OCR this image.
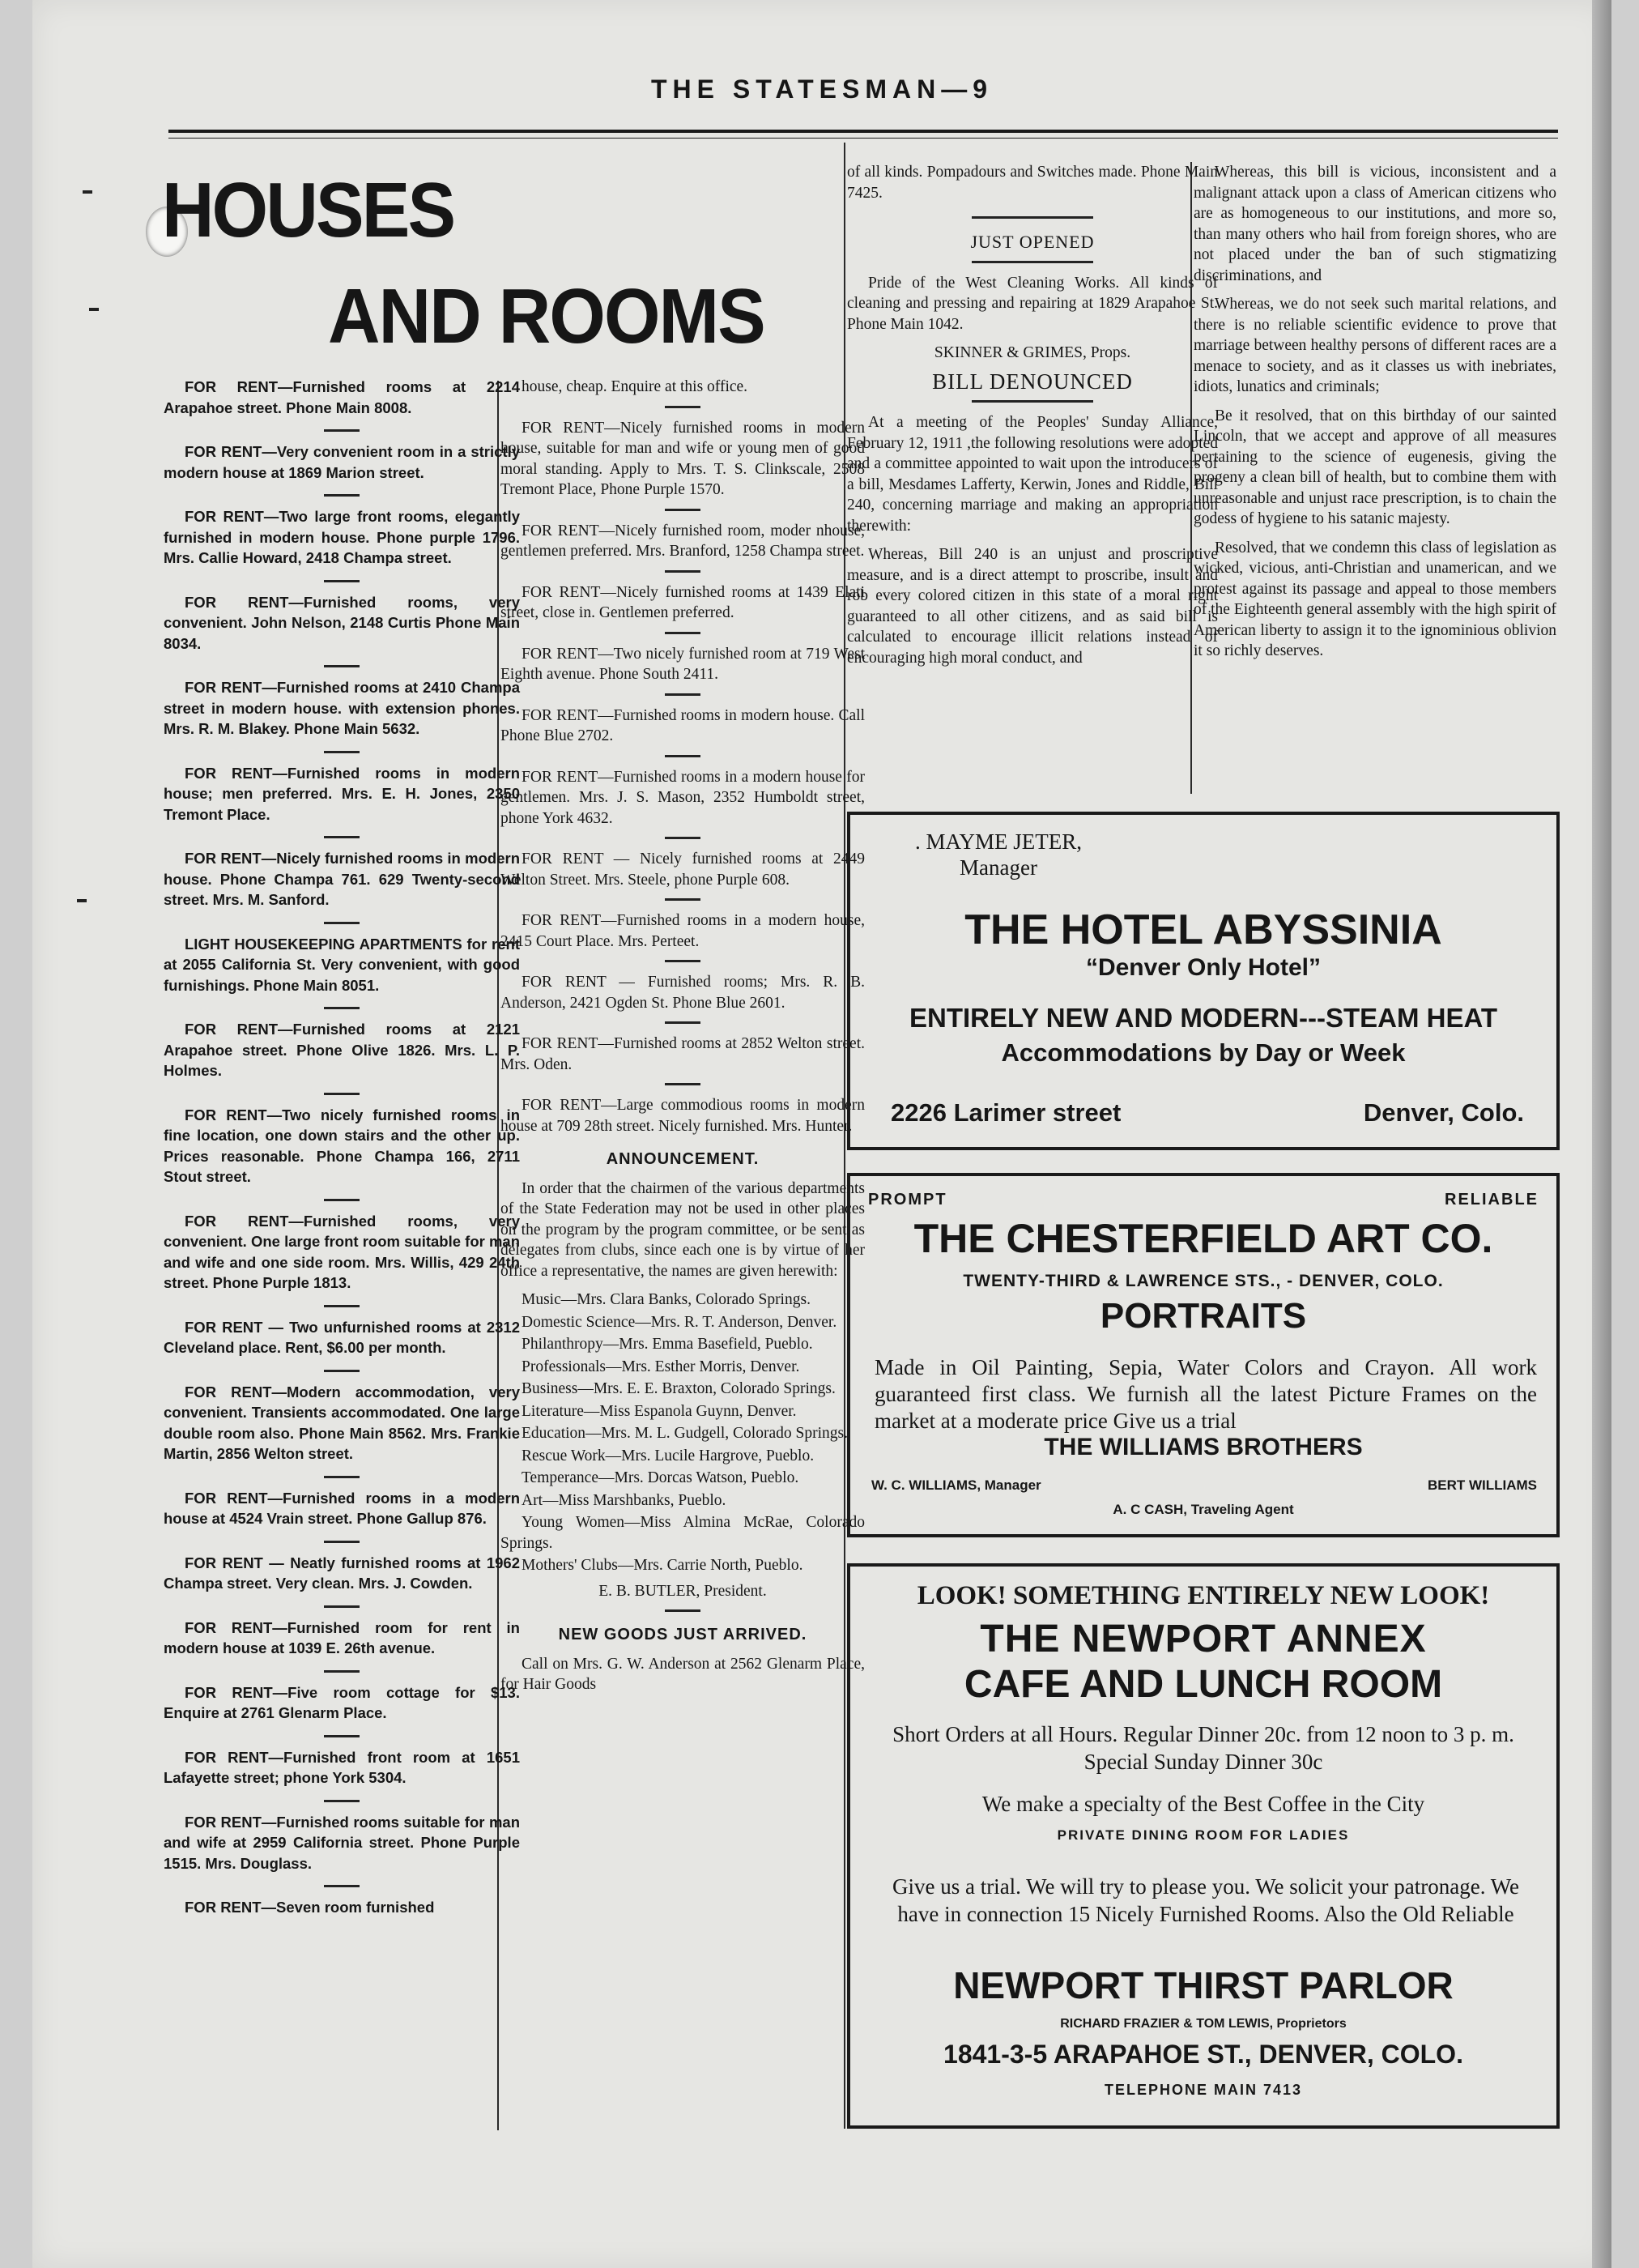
THE STATESMAN—9
HOUSES
AND ROOMS

FOR RENT—Furnished rooms at 2214 Arapahoe street. Phone Main 8008.

FOR RENT—Very convenient room in a strictly modern house at 1869 Marion street.

FOR RENT—Two large front rooms, elegantly furnished in modern house. Phone purple 1796. Mrs. Callie Howard, 2418 Champa street.

FOR RENT—Furnished rooms, very convenient. John Nelson, 2148 Curtis Phone Main 8034.

FOR RENT—Furnished rooms at 2410 Champa street in modern house. with extension phones. Mrs. R. M. Blakey. Phone Main 5632.

FOR RENT—Furnished rooms in modern house; men preferred. Mrs. E. H. Jones, 2350 Tremont Place.

FOR RENT—Nicely furnished rooms in modern house. Phone Champa 761. 629 Twenty-second street. Mrs. M. Sanford.

LIGHT HOUSEKEEPING APARTMENTS for rent at 2055 California St. Very convenient, with good furnishings. Phone Main 8051.

FOR RENT—Furnished rooms at 2121 Arapahoe street. Phone Olive 1826. Mrs. L. P. Holmes.

FOR RENT—Two nicely furnished rooms in fine location, one down stairs and the other up. Prices reasonable. Phone Champa 166, 2711 Stout street.

FOR RENT—Furnished rooms, very convenient. One large front room suitable for man and wife and one side room. Mrs. Willis, 429 24th street. Phone Purple 1813.

FOR RENT — Two unfurnished rooms at 2312 Cleveland place. Rent, $6.00 per month.

FOR RENT—Modern accommodation, very convenient. Transients accommodated. One large double room also. Phone Main 8562. Mrs. Frankie Martin, 2856 Welton street.

FOR RENT—Furnished rooms in a modern house at 4524 Vrain street. Phone Gallup 876.

FOR RENT — Neatly furnished rooms at 1962 Champa street. Very clean. Mrs. J. Cowden.

FOR RENT—Furnished room for rent in modern house at 1039 E. 26th avenue.

FOR RENT—Five room cottage for $13. Enquire at 2761 Glenarm Place.

FOR RENT—Furnished front room at 1651 Lafayette street; phone York 5304.

FOR RENT—Furnished rooms suitable for man and wife at 2959 California street. Phone Purple 1515. Mrs. Douglass.

FOR RENT—Seven room furnished

house, cheap. Enquire at this office.

FOR RENT—Nicely furnished rooms in modern house, suitable for man and wife or young men of good moral standing. Apply to Mrs. T. S. Clinkscale, 2508 Tremont Place, Phone Purple 1570.

FOR RENT—Nicely furnished room, moder nhouse, gentlemen preferred. Mrs. Branford, 1258 Champa street.

FOR RENT—Nicely furnished rooms at 1439 Elati street, close in. Gentlemen preferred.

FOR RENT—Two nicely furnished room at 719 West Eighth avenue. Phone South 2411.

FOR RENT—Furnished rooms in modern house. Call Phone Blue 2702.

FOR RENT—Furnished rooms in a modern house for gentlemen. Mrs. J. S. Mason, 2352 Humboldt street, phone York 4632.

FOR RENT — Nicely furnished rooms at 2449 Welton Street. Mrs. Steele, phone Purple 608.

FOR RENT—Furnished rooms in a modern house, 2415 Court Place. Mrs. Perteet.

FOR RENT — Furnished rooms; Mrs. R. B. Anderson, 2421 Ogden St. Phone Blue 2601.

FOR RENT—Furnished rooms at 2852 Welton street. Mrs. Oden.

FOR RENT—Large commodious rooms in modern house at 709 28th street. Nicely furnished. Mrs. Hunter.

ANNOUNCEMENT.

In order that the chairmen of the various departments of the State Federation may not be used in other places on the program by the program committee, or be sent as delegates from clubs, since each one is by virtue of her office a representative, the names are given herewith:

Music—Mrs. Clara Banks, Colorado Springs.

Domestic Science—Mrs. R. T. Anderson, Denver.

Philanthropy—Mrs. Emma Basefield, Pueblo.

Professionals—Mrs. Esther Morris, Denver.

Business—Mrs. E. E. Braxton, Colorado Springs.

Literature—Miss Espanola Guynn, Denver.

Education—Mrs. M. L. Gudgell, Colorado Springs.

Rescue Work—Mrs. Lucile Hargrove, Pueblo.

Temperance—Mrs. Dorcas Watson, Pueblo.

Art—Miss Marshbanks, Pueblo.

Young Women—Miss Almina McRae, Colorado Springs.

Mothers' Clubs—Mrs. Carrie North, Pueblo.

E. B. BUTLER, President.

NEW GOODS JUST ARRIVED.

Call on Mrs. G. W. Anderson at 2562 Glenarm Place, for Hair Goods

of all kinds. Pompadours and Switches made. Phone Main 7425.

JUST OPENED

Pride of the West Cleaning Works. All kinds of cleaning and pressing and repairing at 1829 Arapahoe St. Phone Main 1042.

SKINNER & GRIMES, Props.

BILL DENOUNCED

At a meeting of the Peoples' Sunday Alliance, February 12, 1911 ,the following resolutions were adopted and a committee appointed to wait upon the introducers of a bill, Mesdames Lafferty, Kerwin, Jones and Riddle, Bill 240, concerning marriage and making an appropriation therewith:

Whereas, Bill 240 is an unjust and proscriptive measure, and is a direct attempt to proscribe, insult and rob every colored citizen in this state of a moral right guaranteed to all other citizens, and as said bill is calculated to encourage illicit relations instead of encouraging high moral conduct, and

Whereas, this bill is vicious, inconsistent and a malignant attack upon a class of American citizens who are as homogeneous to our institutions, and more so, than many others who hail from foreign shores, who are not placed under the ban of such stigmatizing discriminations, and

Whereas, we do not seek such marital relations, and there is no reliable scientific evidence to prove that marriage between healthy persons of different races are a menace to society, and as it classes us with inebriates, idiots, lunatics and criminals;

Be it resolved, that on this birthday of our sainted Lincoln, that we accept and approve of all measures pertaining to the science of eugenesis, giving the progeny a clean bill of health, but to combine them with unreasonable and unjust race prescription, is to chain the godess of hygiene to his satanic majesty.

Resolved, that we condemn this class of legislation as wicked, vicious, anti-Christian and unamerican, and we protest against its passage and appeal to those members of the Eighteenth general assembly with the high spirit of American liberty to assign it to the ignominious oblivion it so richly deserves.

. MAYME JETER,
Manager
THE HOTEL ABYSSINIA
“Denver Only Hotel”
ENTIRELY NEW AND MODERN---STEAM HEAT
Accommodations by Day or Week
2226 Larimer street	Denver, Colo.
PROMPT	RELIABLE
THE CHESTERFIELD ART CO.
TWENTY-THIRD & LAWRENCE STS., - DENVER, COLO.
PORTRAITS
Made in Oil Painting, Sepia, Water Colors and Crayon. All work guaranteed first class. We furnish all the latest Picture Frames on the market at a moderate price Give us a trial
THE WILLIAMS BROTHERS
W. C. WILLIAMS, Manager	BERT WILLIAMS
A. C CASH, Traveling Agent
LOOK! SOMETHING ENTIRELY NEW LOOK!
THE NEWPORT ANNEX
CAFE AND LUNCH ROOM
Short Orders at all Hours. Regular Dinner 20c. from 12 noon to 3 p. m. Special Sunday Dinner 30c
We make a specialty of the Best Coffee in the City
PRIVATE DINING ROOM FOR LADIES
Give us a trial. We will try to please you. We solicit your patronage. We have in connection 15 Nicely Furnished Rooms. Also the Old Reliable
NEWPORT THIRST PARLOR
RICHARD FRAZIER & TOM LEWIS, Proprietors
1841-3-5 ARAPAHOE ST., DENVER, COLO.
TELEPHONE MAIN 7413
